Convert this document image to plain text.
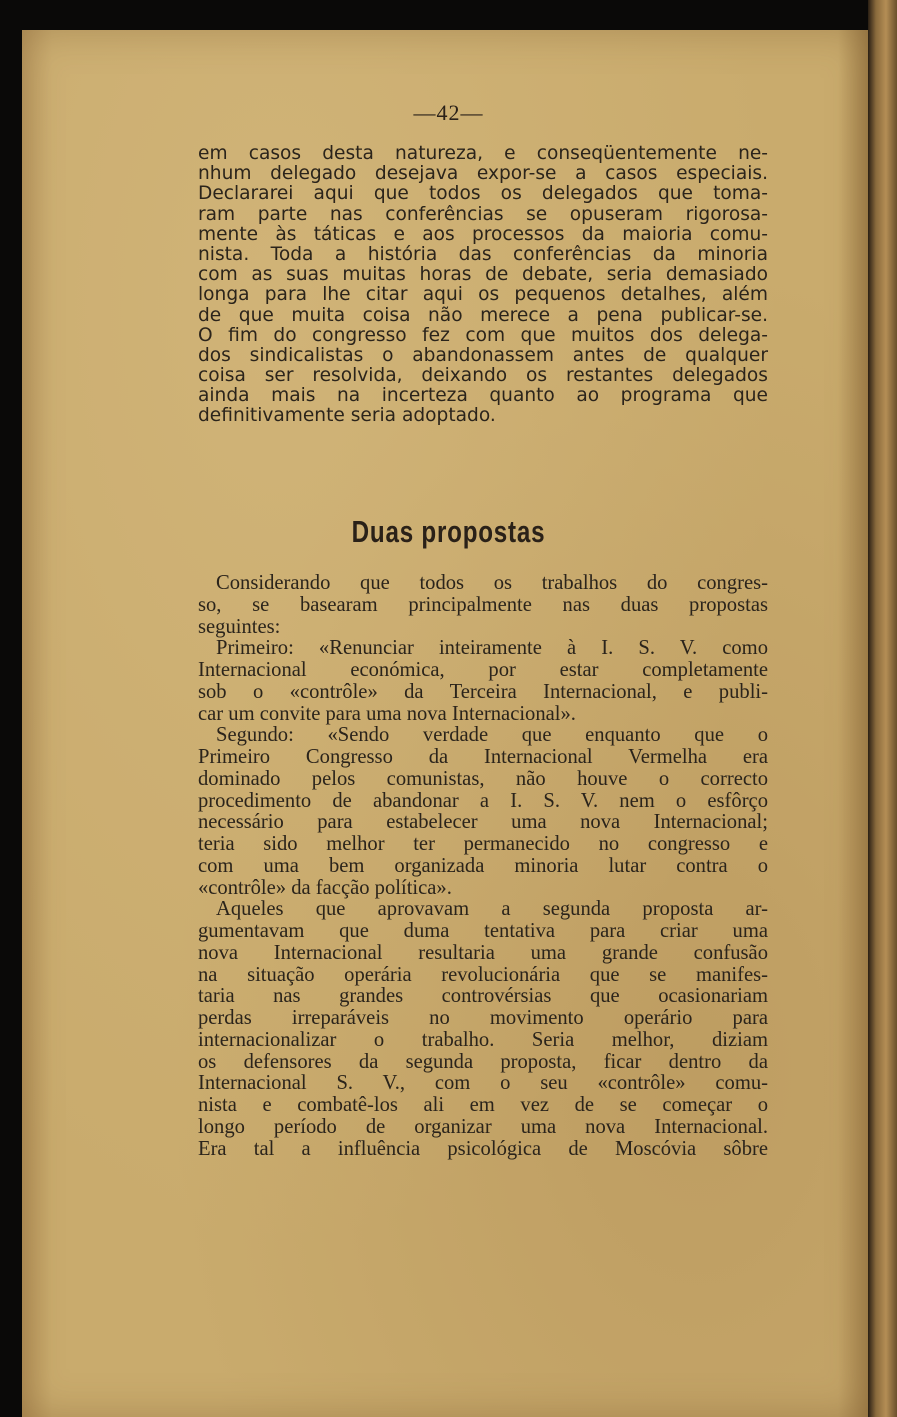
—42—
em casos desta natureza, e conseqüentemente ne-
nhum delegado desejava expor-se a casos especiais.
Declararei aqui que todos os delegados que toma-
ram parte nas conferências se opuseram rigorosa-
mente às táticas e aos processos da maioria comu-
nista. Toda a história das conferências da minoria
com as suas muitas horas de debate, seria demasiado
longa para lhe citar aqui os pequenos detalhes, além
de que muita coisa não merece a pena publicar-se.
O fim do congresso fez com que muitos dos delega-
dos sindicalistas o abandonassem antes de qualquer
coisa ser resolvida, deixando os restantes delegados
ainda mais na incerteza quanto ao programa que
definitivamente seria adoptado.
Duas propostas
Considerando que todos os trabalhos do congres-
so, se basearam principalmente nas duas propostas
seguintes:
Primeiro: «Renunciar inteiramente à I. S. V. como
Internacional económica, por estar completamente
sob o «contrôle» da Terceira Internacional, e publi-
car um convite para uma nova Internacional».
Segundo: «Sendo verdade que enquanto que o
Primeiro Congresso da Internacional Vermelha era
dominado pelos comunistas, não houve o correcto
procedimento de abandonar a I. S. V. nem o esfôrço
necessário para estabelecer uma nova Internacional;
teria sido melhor ter permanecido no congresso e
com uma bem organizada minoria lutar contra o
«contrôle» da facção política».
Aqueles que aprovavam a segunda proposta ar-
gumentavam que duma tentativa para criar uma
nova Internacional resultaria uma grande confusão
na situação operária revolucionária que se manifes-
taria nas grandes controvérsias que ocasionariam
perdas irreparáveis no movimento operário para
internacionalizar o trabalho. Seria melhor, diziam
os defensores da segunda proposta, ficar dentro da
Internacional S. V., com o seu «contrôle» comu-
nista e combatê-los ali em vez de se começar o
longo período de organizar uma nova Internacional.
Era tal a influência psicológica de Moscóvia sôbre
